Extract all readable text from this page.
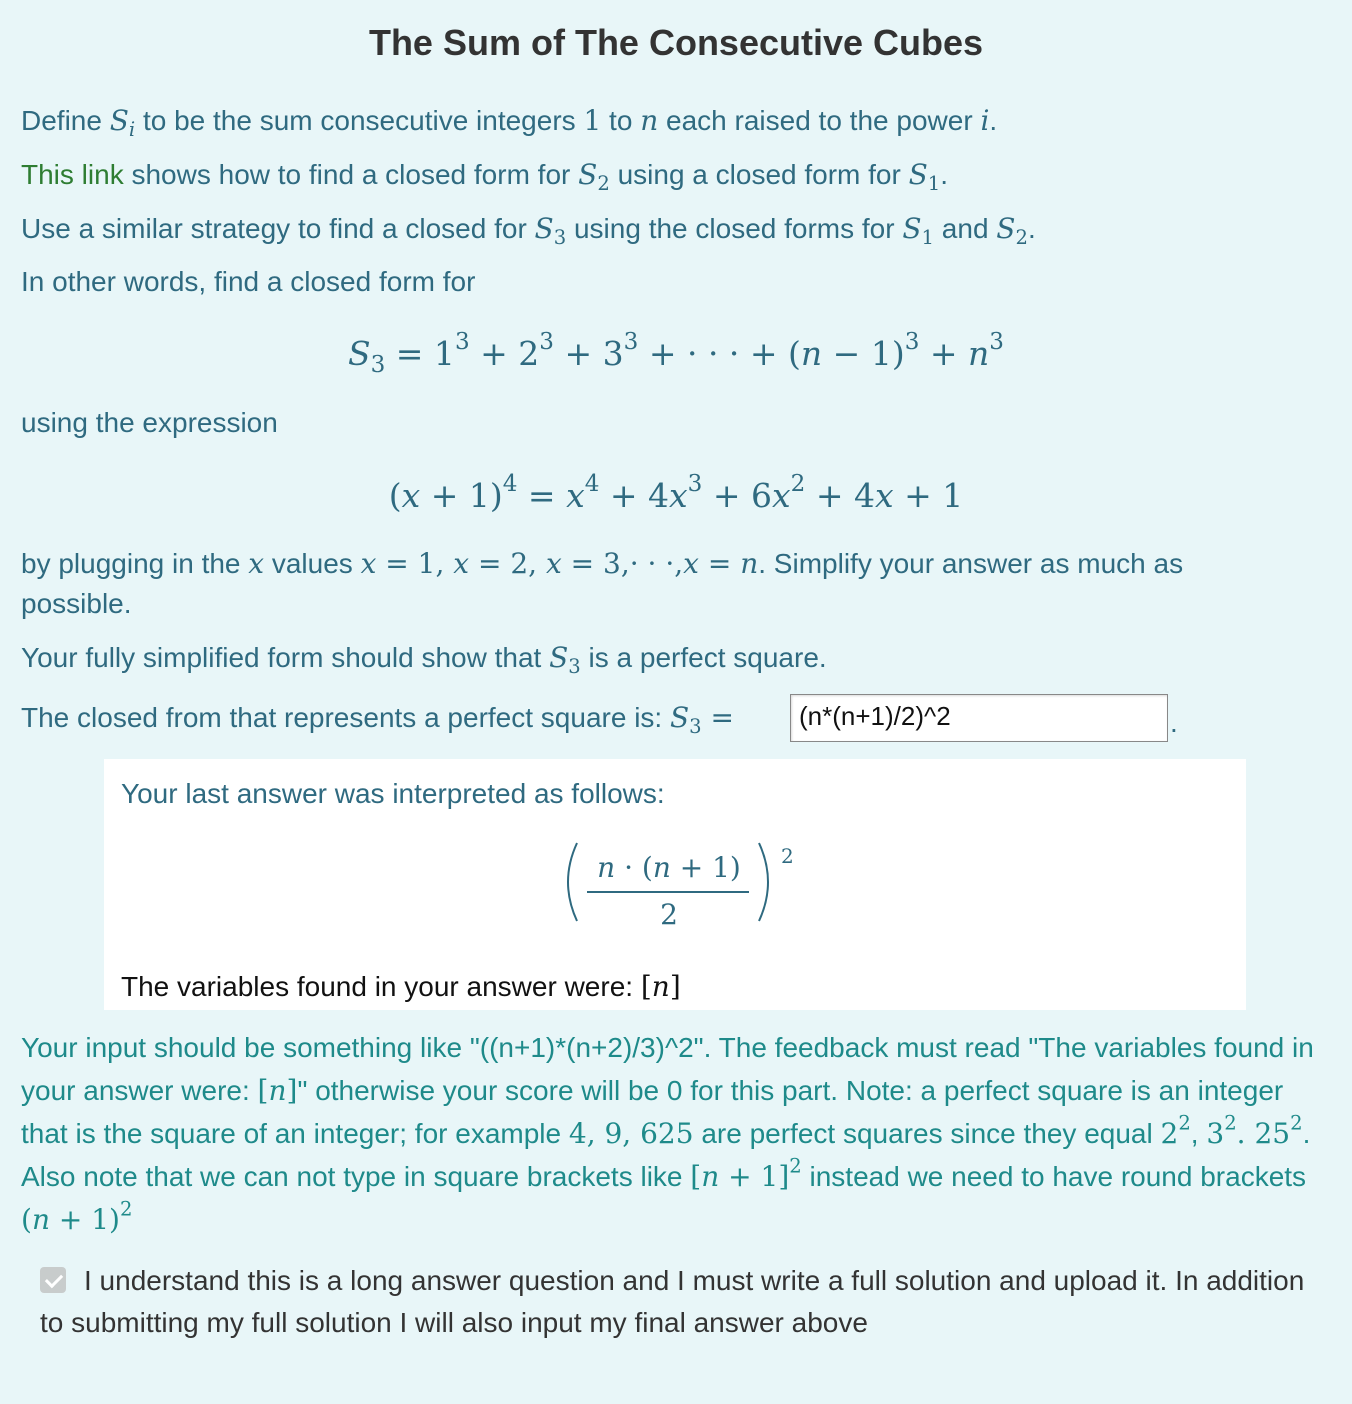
The Sum of The Consecutive Cubes
Define $S_i$ to be the sum consecutive integers 1 to n each raised to the power i.
This link shows how to find a closed form for $S_2$ using a closed form for $S_1$.
Use a similar strategy to find a closed for $S_3$ using the closed forms for $S_1$ and $S_2$.
In other words, find a closed form for
$S_3 = 1^3 + 2^3 + 3^3$ + · · · + $(n - 1)^3 + n^3$
using the expression
$(x + 1)^4 = x^4 + 4x^3 + 6x^2 + 4x + 1$
by plugging in the x values x = 1, x = 2, x = 3,· · ·,x = n. Simplify your answer as much as
possible.
Your fully simplified form should show that $S_3$ is a perfect square.
The closed from that represents a perfect square is: $S_3$ =	(n*(n+1)/2)^2	.
Your last answer was interpreted as follows:
n · (n + 1)
2
2
The variables found in your answer were: [n]
Your input should be something like "((n+1)*(n+2)/3)^2". The feedback must read "The variables found in your answer were: [n]" otherwise your score will be 0 for this part. Note: a perfect square is an integer that is the square of an integer; for example 4, 9, 625 are perfect squares since they equal $2^2$, $3^2$. $25^2$. Also note that we can not type in square brackets like $[n + 1]^2$ instead we need to have round brackets $(n + 1)^2$
I understand this is a long answer question and I must write a full solution and upload it. In addition to submitting my full solution I will also input my final answer above
